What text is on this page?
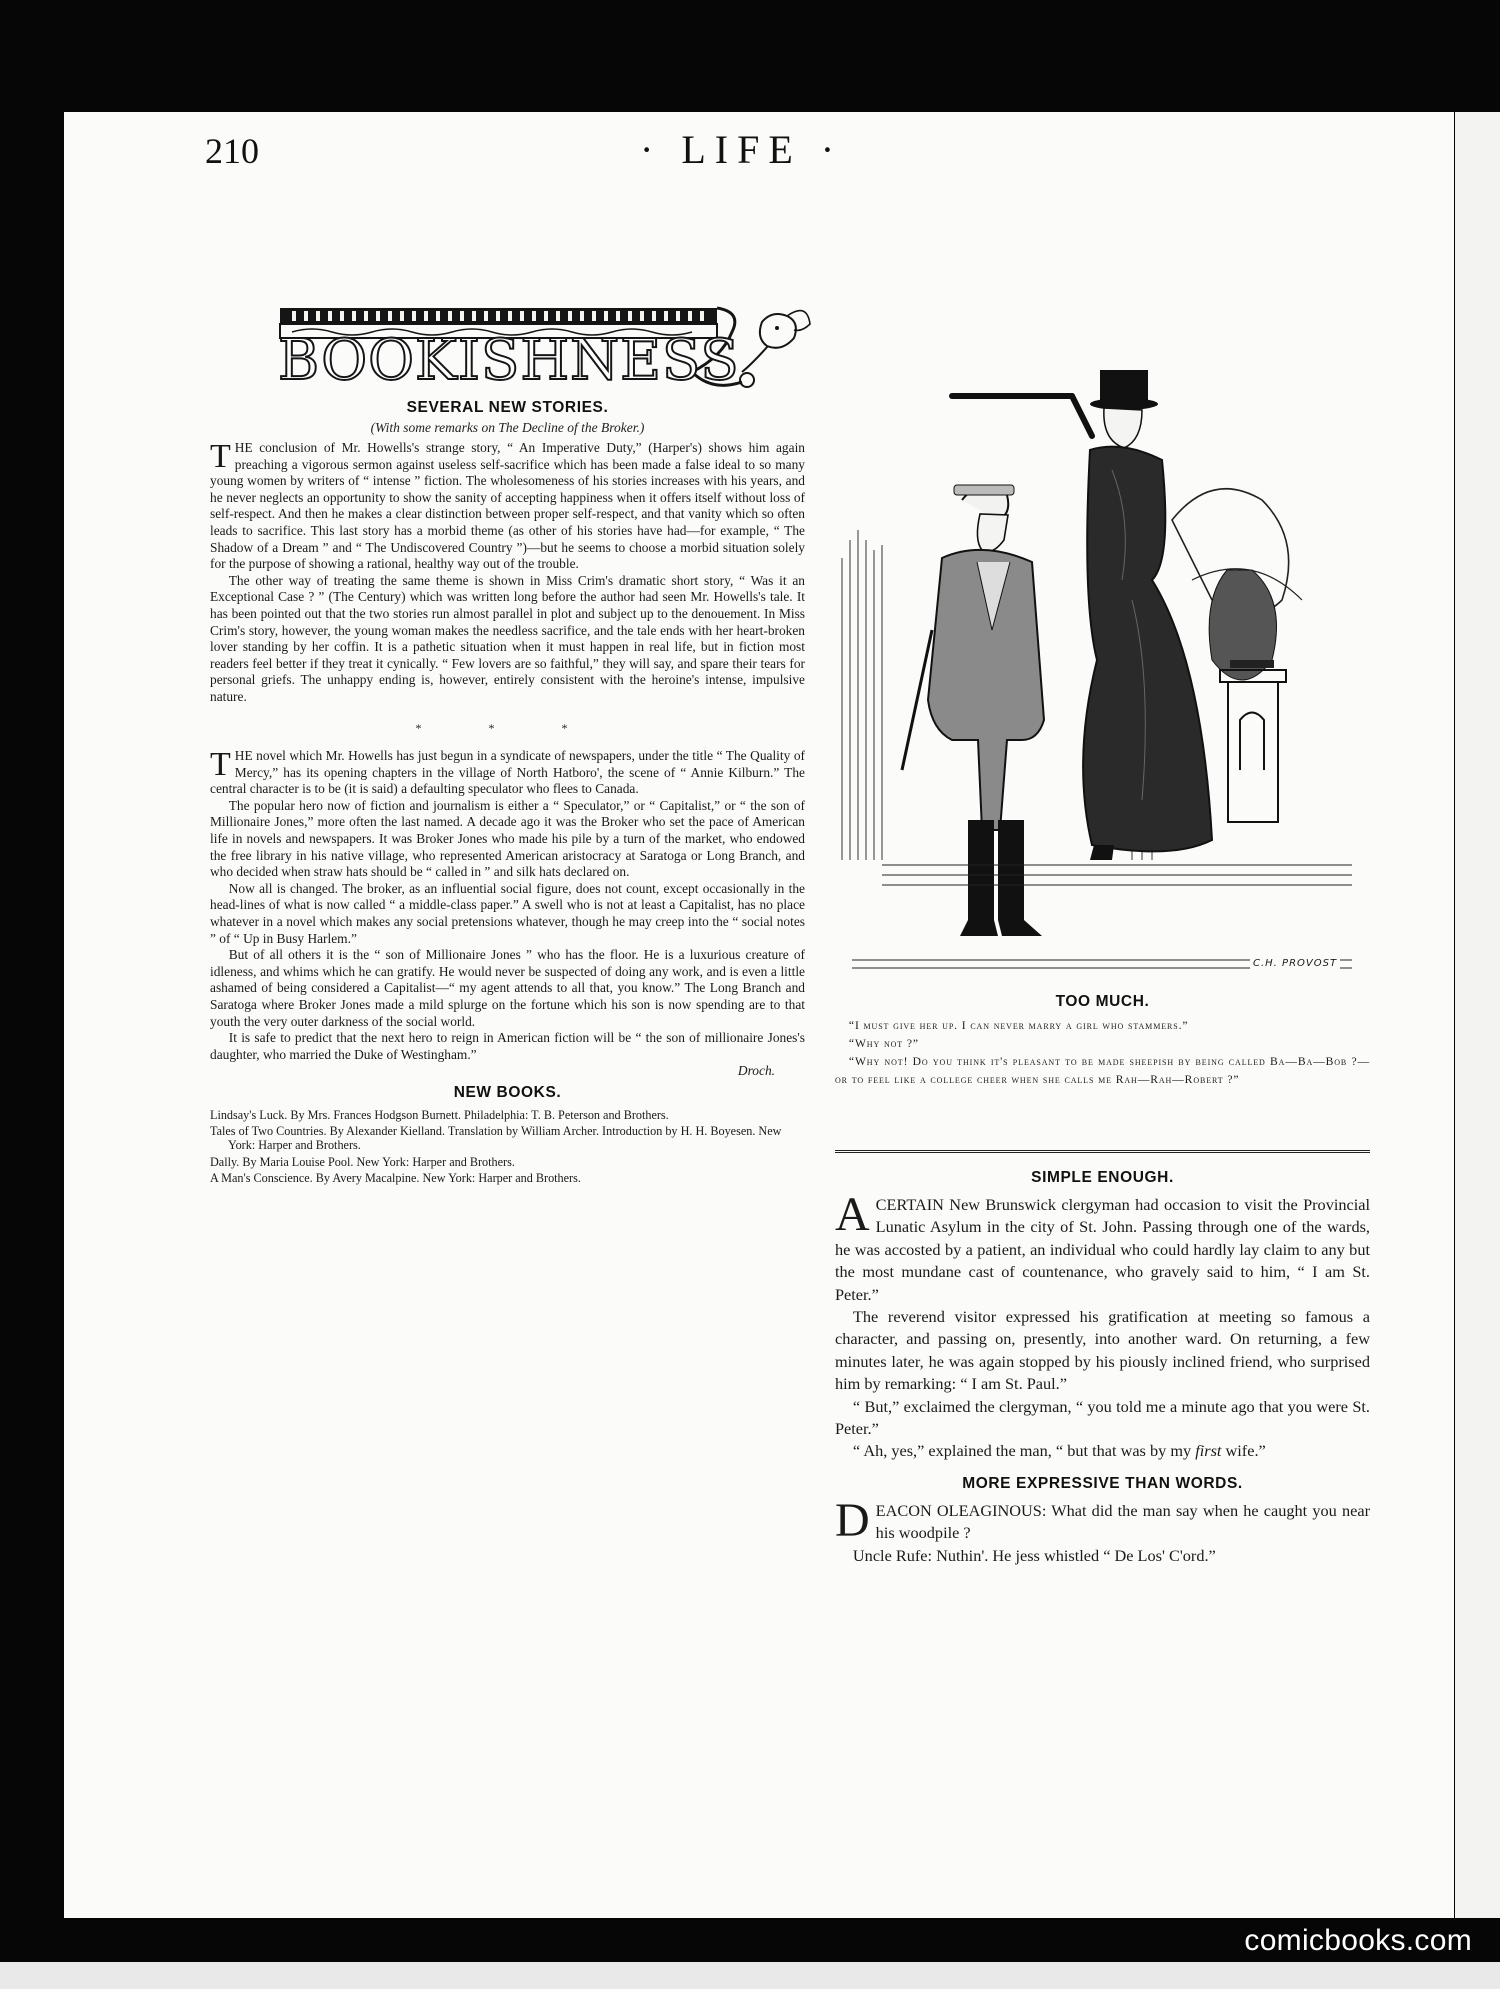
210	· LIFE ·
BOOKISHNESS
SEVERAL NEW STORIES.
(With some remarks on The Decline of the Broker.)

THE conclusion of Mr. Howells's strange story, “ An Imperative Duty,” (Harper's) shows him again preaching a vigorous sermon against useless self-sacrifice which has been made a false ideal to so many young women by writers of “ intense ” fiction. The wholesomeness of his stories increases with his years, and he never neglects an opportunity to show the sanity of accepting happiness when it offers itself without loss of self-respect. And then he makes a clear distinction between proper self-respect, and that vanity which so often leads to sacrifice. This last story has a morbid theme (as other of his stories have had—for example, “ The Shadow of a Dream ” and “ The Undiscovered Country ”)—but he seems to choose a morbid situation solely for the purpose of showing a rational, healthy way out of the trouble.

The other way of treating the same theme is shown in Miss Crim's dramatic short story, “ Was it an Exceptional Case ? ” (The Century) which was written long before the author had seen Mr. Howells's tale. It has been pointed out that the two stories run almost parallel in plot and subject up to the denouement. In Miss Crim's story, however, the young woman makes the needless sacrifice, and the tale ends with her heart-broken lover standing by her coffin. It is a pathetic situation when it must happen in real life, but in fiction most readers feel better if they treat it cynically. “ Few lovers are so faithful,” they will say, and spare their tears for personal griefs. The unhappy ending is, however, entirely consistent with the heroine's intense, impulsive nature.

* * *

THE novel which Mr. Howells has just begun in a syndicate of newspapers, under the title “ The Quality of Mercy,” has its opening chapters in the village of North Hatboro', the scene of “ Annie Kilburn.” The central character is to be (it is said) a defaulting speculator who flees to Canada.

The popular hero now of fiction and journalism is either a “ Speculator,” or “ Capitalist,” or “ the son of Millionaire Jones,” more often the last named. A decade ago it was the Broker who set the pace of American life in novels and newspapers. It was Broker Jones who made his pile by a turn of the market, who endowed the free library in his native village, who represented American aristocracy at Saratoga or Long Branch, and who decided when straw hats should be “ called in ” and silk hats declared on.

Now all is changed. The broker, as an influential social figure, does not count, except occasionally in the head-lines of what is now called “ a middle-class paper.” A swell who is not at least a Capitalist, has no place whatever in a novel which makes any social pretensions whatever, though he may creep into the “ social notes ” of “ Up in Busy Harlem.”

But of all others it is the “ son of Millionaire Jones ” who has the floor. He is a luxurious creature of idleness, and whims which he can gratify. He would never be suspected of doing any work, and is even a little ashamed of being considered a Capitalist—“ my agent attends to all that, you know.” The Long Branch and Saratoga where Broker Jones made a mild splurge on the fortune which his son is now spending are to that youth the very outer darkness of the social world.

It is safe to predict that the next hero to reign in American fiction will be “ the son of millionaire Jones's daughter, who married the Duke of Westingham.”

Droch.
NEW BOOKS.

Lindsay's Luck. By Mrs. Frances Hodgson Burnett. Philadelphia: T. B. Peterson and Brothers.

Tales of Two Countries. By Alexander Kielland. Translation by William Archer. Introduction by H. H. Boyesen. New York: Harper and Brothers.

Dally. By Maria Louise Pool. New York: Harper and Brothers.

A Man's Conscience. By Avery Macalpine. New York: Harper and Brothers.

C.H. PROVOST
TOO MUCH.

“I must give her up. I can never marry a girl who stammers.”

“Why not ?”

“Why not! Do you think it's pleasant to be made sheepish by being called Ba—Ba—Bob ?—or to feel like a college cheer when she calls me Rah—Rah—Robert ?”

SIMPLE ENOUGH.

ACERTAIN New Brunswick clergyman had occasion to visit the Provincial Lunatic Asylum in the city of St. John. Passing through one of the wards, he was accosted by a patient, an individual who could hardly lay claim to any but the most mundane cast of countenance, who gravely said to him, “ I am St. Peter.”

The reverend visitor expressed his gratification at meeting so famous a character, and passing on, presently, into another ward. On returning, a few minutes later, he was again stopped by his piously inclined friend, who surprised him by remarking: “ I am St. Paul.”

“ But,” exclaimed the clergyman, “ you told me a minute ago that you were St. Peter.”

“ Ah, yes,” explained the man, “ but that was by my first wife.”

MORE EXPRESSIVE THAN WORDS.

DEACON OLEAGINOUS: What did the man say when he caught you near his woodpile ?

Uncle Rufe: Nuthin'. He jess whistled “ De Los' C'ord.”

comicbooks.com
